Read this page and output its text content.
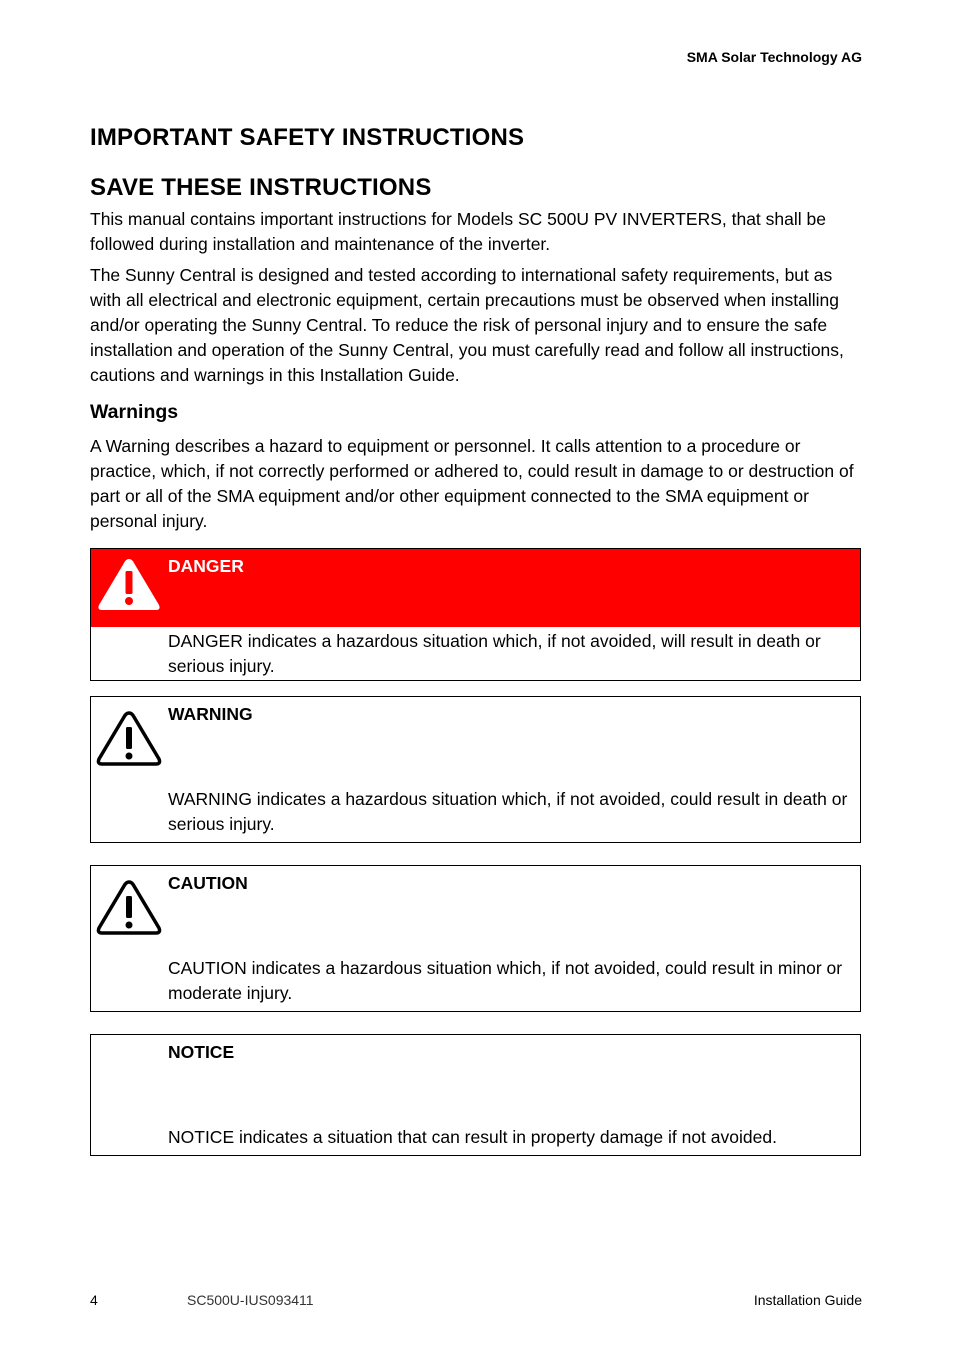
SMA Solar Technology AG
IMPORTANT SAFETY INSTRUCTIONS
SAVE THESE INSTRUCTIONS

This manual contains important instructions for Models SC 500U PV INVERTERS, that shall be followed during installation and maintenance of the inverter.

The Sunny Central is designed and tested according to international safety requirements, but as with all electrical and electronic equipment, certain precautions must be observed when installing and/or operating the Sunny Central. To reduce the risk of personal injury and to ensure the safe installation and operation of the Sunny Central, you must carefully read and follow all instructions, cautions and warnings in this Installation Guide.

Warnings

A Warning describes a hazard to equipment or personnel. It calls attention to a procedure or practice, which, if not correctly performed or adhered to, could result in damage to or destruction of part or all of the SMA equipment and/or other equipment connected to the SMA equipment or personal injury.

DANGER
DANGER indicates a hazardous situation which, if not avoided, will result in death or serious injury.
WARNING
WARNING indicates a hazardous situation which, if not avoided, could result in death or serious injury.
CAUTION
CAUTION indicates a hazardous situation which, if not avoided, could result in minor or moderate injury.
NOTICE
NOTICE indicates a situation that can result in property damage if not avoided.
4	SC500U-IUS093411	Installation Guide
